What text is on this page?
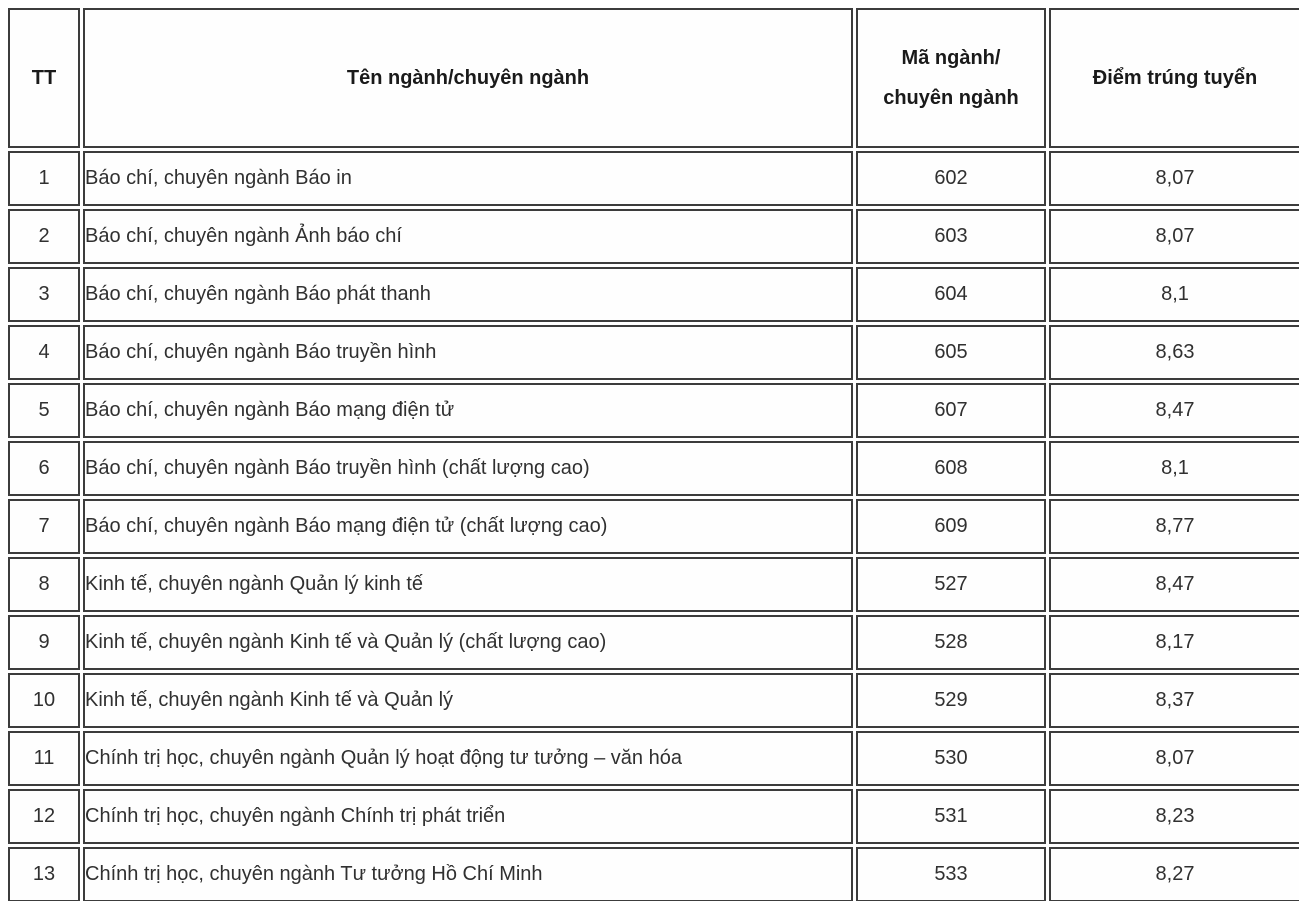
TT	Tên ngành/chuyên ngành	Mã ngành/
chuyên ngành	Điểm trúng tuyển
1	Báo chí, chuyên ngành Báo in	602	8,07
2	Báo chí, chuyên ngành Ảnh báo chí	603	8,07
3	Báo chí, chuyên ngành Báo phát thanh	604	8,1
4	Báo chí, chuyên ngành Báo truyền hình	605	8,63
5	Báo chí, chuyên ngành Báo mạng điện tử	607	8,47
6	Báo chí, chuyên ngành Báo truyền hình (chất lượng cao)	608	8,1
7	Báo chí, chuyên ngành Báo mạng điện tử (chất lượng cao)	609	8,77
8	Kinh tế, chuyên ngành Quản lý kinh tế	527	8,47
9	Kinh tế, chuyên ngành Kinh tế và Quản lý (chất lượng cao)	528	8,17
10	Kinh tế, chuyên ngành Kinh tế và Quản lý	529	8,37
11	Chính trị học, chuyên ngành Quản lý hoạt động tư tưởng – văn hóa	530	8,07
12	Chính trị học, chuyên ngành Chính trị phát triển	531	8,23
13	Chính trị học, chuyên ngành Tư tưởng Hồ Chí Minh	533	8,27
